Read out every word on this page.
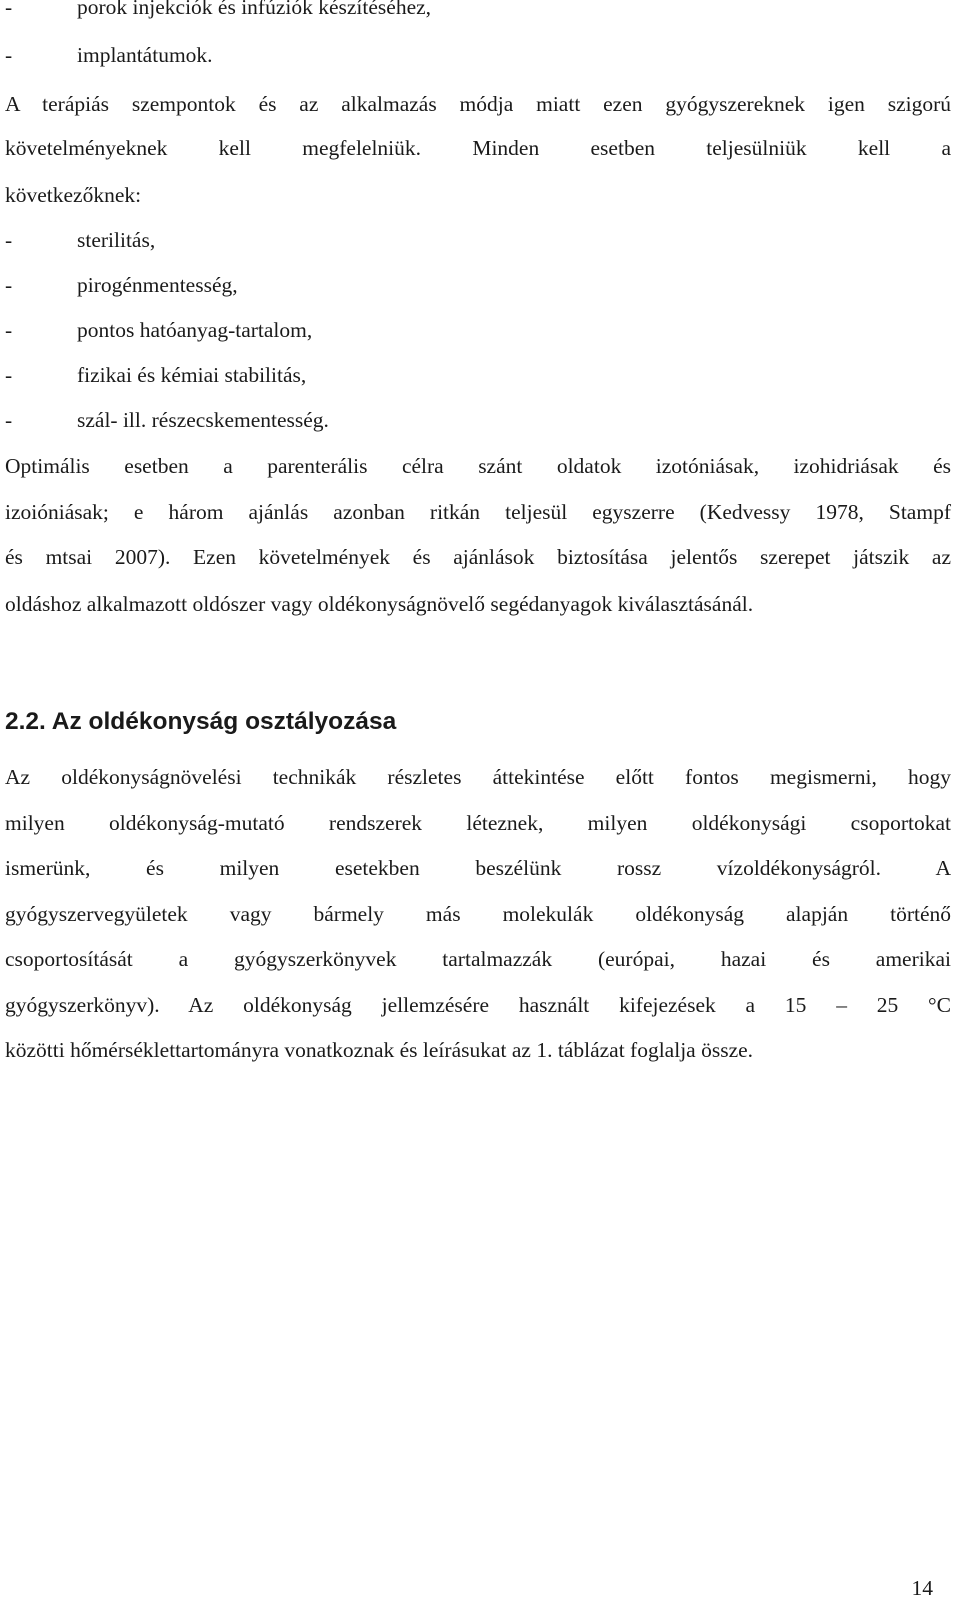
-	porok injekciók és infúziók készítéséhez,
-	implantátumok.
A terápiás szempontok és az alkalmazás módja miatt ezen gyógyszereknek igen szigorú
követelményeknek kell megfelelniük. Minden esetben teljesülniük kell a
következőknek:
-	sterilitás,
-	pirogénmentesség,
-	pontos hatóanyag-tartalom,
-	fizikai és kémiai stabilitás,
-	szál- ill. részecskementesség.
Optimális esetben a parenterális célra szánt oldatok izotóniásak, izohidriásak és
izoióniásak; e három ajánlás azonban ritkán teljesül egyszerre (Kedvessy 1978, Stampf
és mtsai 2007). Ezen követelmények és ajánlások biztosítása jelentős szerepet játszik az
oldáshoz alkalmazott oldószer vagy oldékonyságnövelő segédanyagok kiválasztásánál.
2.2. Az oldékonyság osztályozása
Az oldékonyságnövelési technikák részletes áttekintése előtt fontos megismerni, hogy
milyen oldékonyság-mutató rendszerek léteznek, milyen oldékonysági csoportokat
ismerünk, és milyen esetekben beszélünk rossz vízoldékonyságról. A
gyógyszervegyületek vagy bármely más molekulák oldékonyság alapján történő
csoportosítását a gyógyszerkönyvek tartalmazzák (európai, hazai és amerikai
gyógyszerkönyv). Az oldékonyság jellemzésére használt kifejezések a 15 – 25 °C
közötti hőmérséklettartományra vonatkoznak és leírásukat az 1. táblázat foglalja össze.
14
